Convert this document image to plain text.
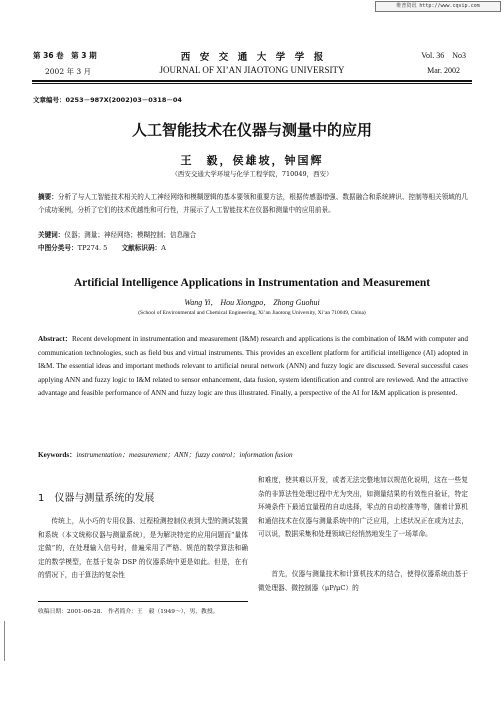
维普资讯 http://www.cqvip.com
第 36 卷　第 3 期
2002 年 3 月
西　安　交　通　大　学　学　报
JOURNAL OF XI’AN JIAOTONG UNIVERSITY
Vol. 36　No3
Mar. 2002
文章编号：0253－987X(2002)03－0318－04
人工智能技术在仪器与测量中的应用
王　毅，侯雄坡，钟国辉
（西安交通大学环境与化学工程学院，710049，西安）
摘要：分析了与人工智能技术相关的人工神经网络和模糊逻辑的基本要领和重要方法，根据传感器增强、数据融合和系统辨识、控制等相关领域的几个成功案例，分析了它们的技术优越性和可行性，并展示了人工智能技术在仪器和测量中的应用前景。
关键词：仪器；测量；神经网络；模糊控制；信息融合
中图分类号：TP274. 5 文献标识码：A
Artificial Intelligence Applications in Instrumentation and Measurement
Wang Yi， Hou Xiongpo， Zhong Guohui
(School of Environmental and Chemical Engineering, Xi’an Jiaotong University, Xi’an 710049, China)
Abstract：Recent development in instrumentation and measurement (I&M) research and applications is the combination of I&M with computer and communication technologies, such as field bus and virtual instruments. This provides an excellent platform for artificial intelligence (AI) adopted in I&M. The essential ideas and important methods relevant to artificial neural network (ANN) and fuzzy logic are discussed. Several successful cases applying ANN and fuzzy logic to I&M related to sensor enhancement, data fusion, system identification and control are reviewed. And the attractive advantage and feasible performance of ANN and fuzzy logic are thus illustrated. Finally, a perspective of the AI for I&M application is presented.
Keywords：instrumentation；measurement；ANN；fuzzy control；information fusion
1　仪器与测量系统的发展
传统上，从小巧的专用仪器、过程检测控制仪表到大型的测试装置和系统（本文统称仪器与测量系统），是为解决特定的应用问题而“量体定做”的，在处理输入信号时，普遍采用了严格、规范的数学算法和确定的数学模型，在基于复杂 DSP 的仪器系统中更是如此。但是，在有的情况下，由于算法的复杂性
和难度，使其难以开发，或者无法完整地加以规范化说明，这在一些复杂的非算法性处理过程中尤为突出，如测量结果的有效性自验证，特定环境条件下最适宜量程的自动选择，零点的自动校准等等，随着计算机和通信技术在仪器与测量系统中的广泛应用，上述状况正在或为过去，可以说，数据采集和处理领域已经悄然地发生了一场革命。
首先，仪器与测量技术和计算机技术的结合，使得仪器系统由基于微处理器、微控制器（μP/μC）的
收稿日期：2001-06-28.　作者简介：王　毅（1949～），男，教授。
